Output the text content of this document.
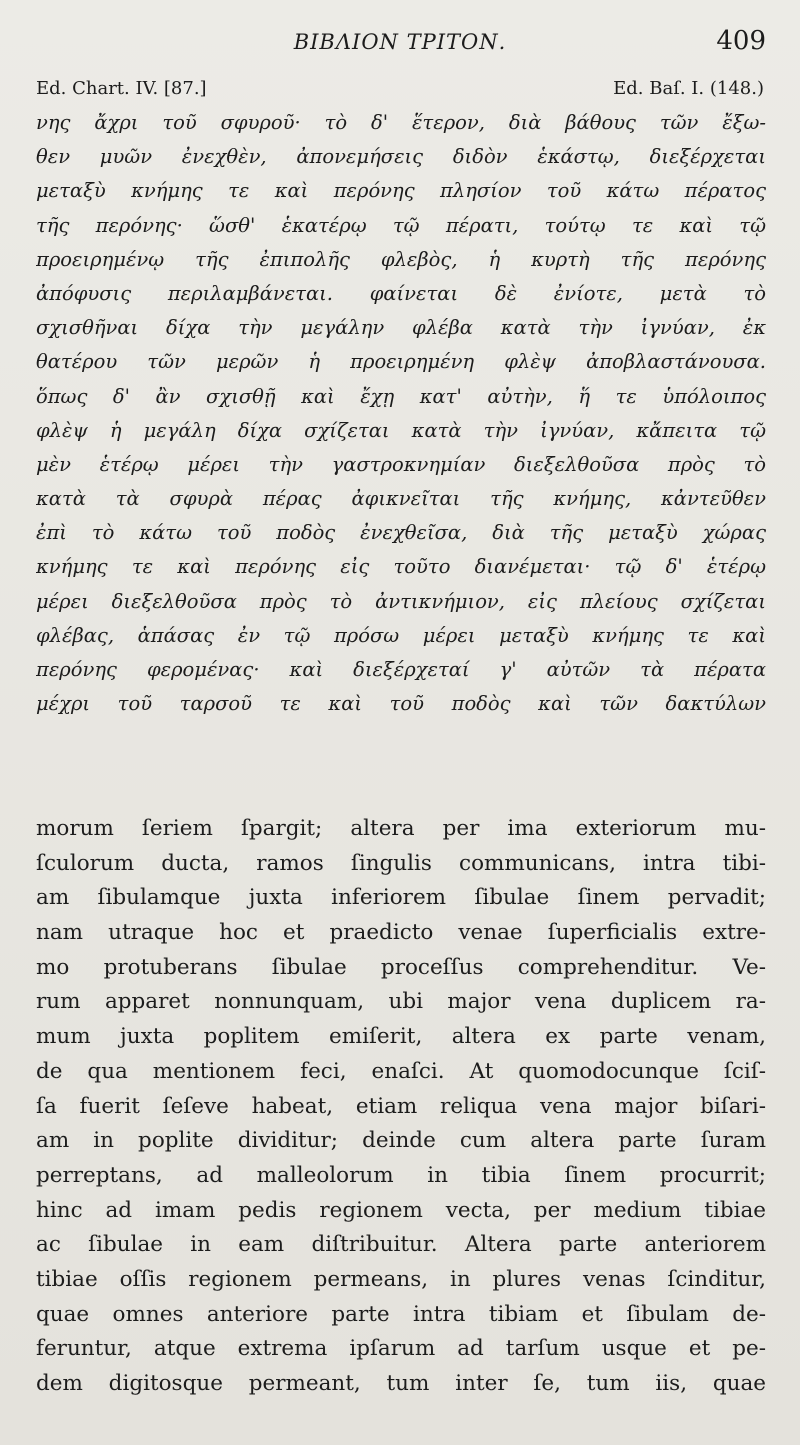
BIBΛΙΟΝ ΤΡΙΤΟΝ.	409
Ed. Chart. IV. [87.]	Ed. Baſ. I. (148.)
νης ἄχρι τοῦ σφυροῦ· τὸ δ' ἕτερον, διὰ βάθους τῶν ἔξω-
θεν μυῶν ἐνεχθὲν, ἀπονεμήσεις διδὸν ἑκάστῳ, διεξέρχεται
μεταξὺ κνήμης τε καὶ περόνης πλησίον τοῦ κάτω πέρατος
τῆς περόνης· ὥσθ' ἑκατέρῳ τῷ πέρατι, τούτῳ τε καὶ τῷ
προειρημένῳ τῆς ἐπιπολῆς φλεβὸς, ἡ κυρτὴ τῆς περόνης
ἀπόφυσις περιλαμβάνεται. φαίνεται δὲ ἐνίοτε, μετὰ τὸ
σχισθῆναι δίχα τὴν μεγάλην φλέβα κατὰ τὴν ἰγνύαν, ἐκ
θατέρου τῶν μερῶν ἡ προειρημένη φλὲψ ἀποβλαστάνουσα.
ὅπως δ' ἂν σχισθῇ καὶ ἔχῃ κατ' αὐτὴν, ἥ τε ὑπόλοιπος
φλὲψ ἡ μεγάλη δίχα σχίζεται κατὰ τὴν ἰγνύαν, κἄπειτα τῷ
μὲν ἑτέρῳ μέρει τὴν γαστροκνημίαν διεξελθοῦσα πρὸς τὸ
κατὰ τὰ σφυρὰ πέρας ἀφικνεῖται τῆς κνήμης, κἀντεῦθεν
ἐπὶ τὸ κάτω τοῦ ποδὸς ἐνεχθεῖσα, διὰ τῆς μεταξὺ χώρας
κνήμης τε καὶ περόνης εἰς τοῦτο διανέμεται· τῷ δ' ἑτέρῳ
μέρει διεξελθοῦσα πρὸς τὸ ἀντικνήμιον, εἰς πλείους σχίζεται
φλέβας, ἁπάσας ἐν τῷ πρόσω μέρει μεταξὺ κνήμης τε καὶ
περόνης φερομένας· καὶ διεξέρχεταί γ' αὐτῶν τὰ πέρατα
μέχρι τοῦ ταρσοῦ τε καὶ τοῦ ποδὸς καὶ τῶν δακτύλων
morum ſeriem ſpargit; altera per ima exteriorum mu-
ſculorum ducta, ramos ſingulis communicans, intra tibi-
am ſibulamque juxta inferiorem ſibulae ſinem pervadit;
nam utraque hoc et praedicto venae ſuperficialis extre-
mo protuberans ſibulae proceſſus comprehenditur. Ve-
rum apparet nonnunquam, ubi major vena duplicem ra-
mum juxta poplitem emiſerit, altera ex parte venam,
de qua mentionem feci, enaſci. At quomodocunque ſciſ-
ſa fuerit ſeſeve habeat, etiam reliqua vena major biſari-
am in poplite dividitur; deinde cum altera parte ſuram
perreptans, ad malleolorum in tibia ſinem procurrit;
hinc ad imam pedis regionem vecta, per medium tibiae
ac ſibulae in eam diſtribuitur. Altera parte anteriorem
tibiae oſſis regionem permeans, in plures venas ſcinditur,
quae omnes anteriore parte intra tibiam et ſibulam de-
feruntur, atque extrema ipſarum ad tarſum usque et pe-
dem digitosque permeant, tum inter ſe, tum iis, quae
